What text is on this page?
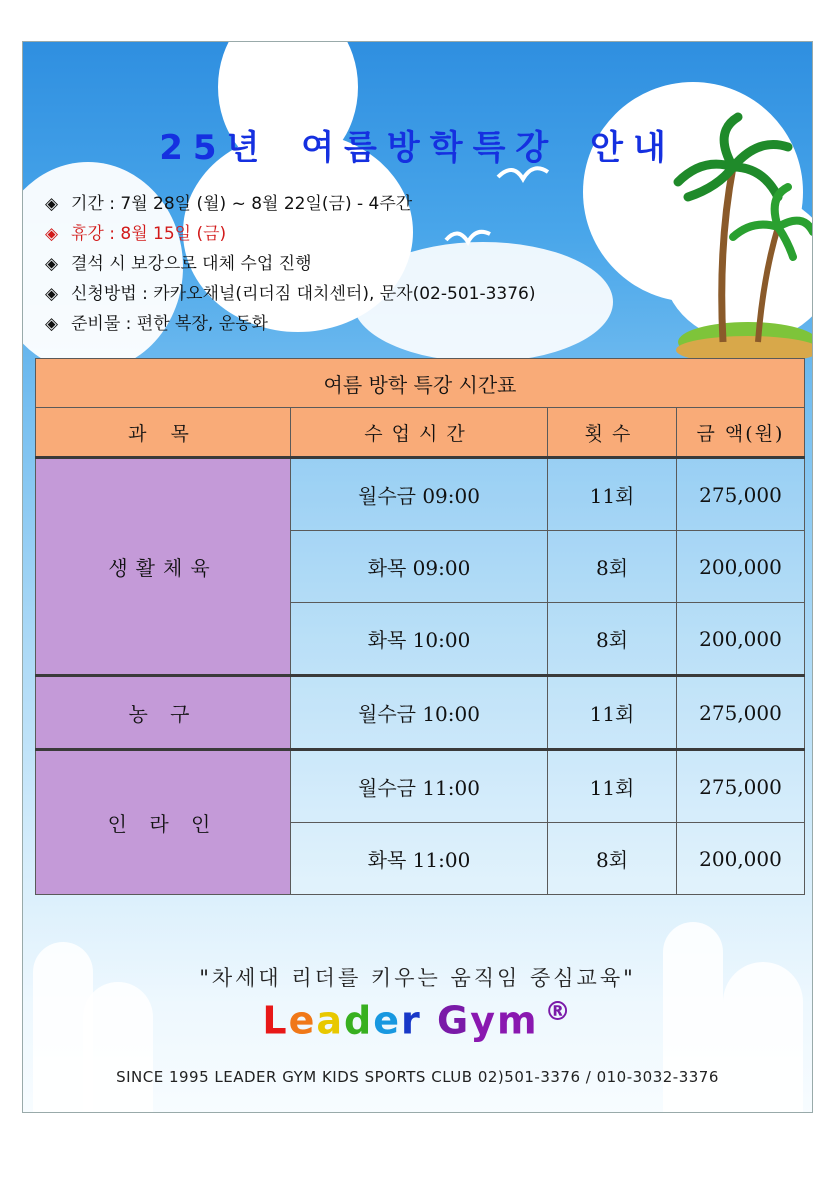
25년 여름방학특강 안내
◈ 기간 : 7월 28일 (월) ~ 8월 22일(금) - 4주간
◈ 휴강 : 8월 15일 (금)
◈ 결석 시 보강으로 대체 수업 진행
◈ 신청방법 : 카카오채널(리더짐 대치센터), 문자(02-501-3376)
◈ 준비물 : 편한 복장, 운동화
여름 방학 특강 시간표			
과 목	수업시간	횟수	금 액(원)
생활체육	월수금 09:00	11회	275,000
	화목 09:00	8회	200,000
	화목 10:00	8회	200,000
농 구	월수금 10:00	11회	275,000
인 라 인	월수금 11:00	11회	275,000
	화목 11:00	8회	200,000
"차세대 리더를 키우는 움직임 중심교육"
Leader Gym ®
SINCE 1995 LEADER GYM KIDS SPORTS CLUB 02)501-3376 / 010-3032-3376
